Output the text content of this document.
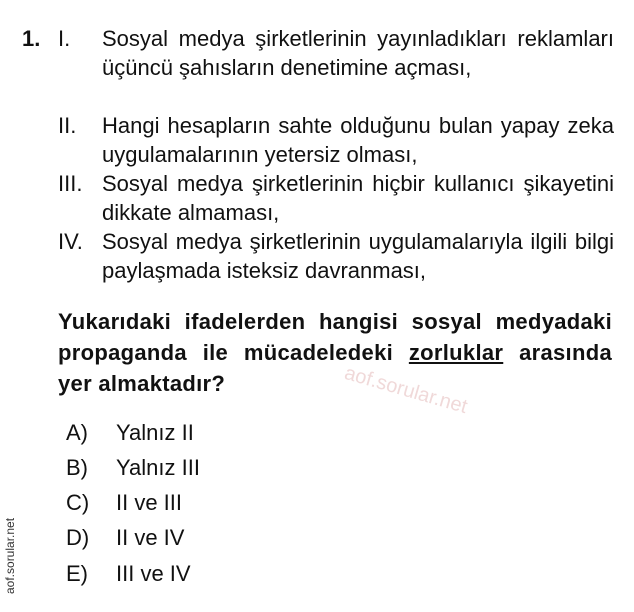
1. I. Sosyal medya şirketlerinin yayınladıkları reklamları üçüncü şahısların denetimine açması,
II. Hangi hesapların sahte olduğunu bulan yapay zeka uygulamalarının yetersiz olması,
III. Sosyal medya şirketlerinin hiçbir kullanıcı şikayetini dikkate almaması,
IV. Sosyal medya şirketlerinin uygulamalarıyla ilgili bilgi paylaşmada isteksiz davranması,
Yukarıdaki ifadelerden hangisi sosyal medyadaki propaganda ile mücadeledeki zorluklar arasında yer almaktadır?	aof.sorular.net
A) Yalnız II
B) Yalnız III
C) II ve III
D) II ve IV
E) III ve IV
aof.sorular.net
